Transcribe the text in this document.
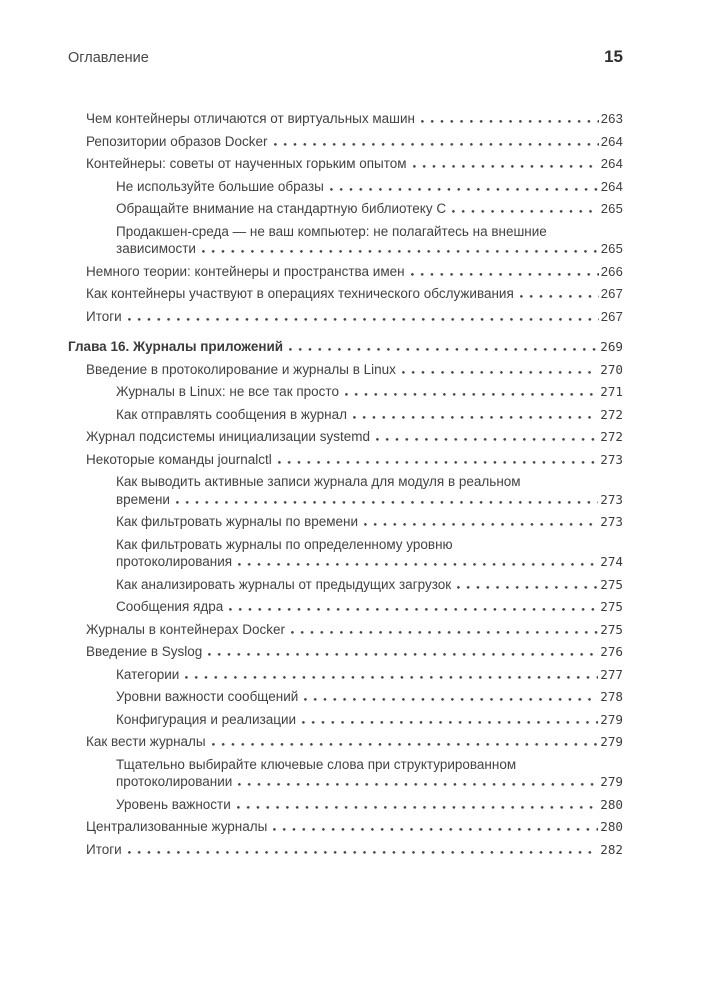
Оглавление	15
Чем контейнеры отличаются от виртуальных машин	263
Репозитории образов Docker	264
Контейнеры: советы от наученных горьким опытом	264
Не используйте большие образы	264
Обращайте внимание на стандартную библиотеку C	265
Продакшен-среда — не ваш компьютер: не полагайтесь на внешние
зависимости	265
Немного теории: контейнеры и пространства имен	266
Как контейнеры участвуют в операциях технического обслуживания	267
Итоги	267
Глава 16. Журналы приложений	269
Введение в протоколирование и журналы в Linux	270
Журналы в Linux: не все так просто	271
Как отправлять сообщения в журнал	272
Журнал подсистемы инициализации systemd	272
Некоторые команды journalctl	273
Как выводить активные записи журнала для модуля в реальном
времени	273
Как фильтровать журналы по времени	273
Как фильтровать журналы по определенному уровню
протоколирования	274
Как анализировать журналы от предыдущих загрузок	275
Сообщения ядра	275
Журналы в контейнерах Docker	275
Введение в Syslog	276
Категории	277
Уровни важности сообщений	278
Конфигурация и реализации	279
Как вести журналы	279
Тщательно выбирайте ключевые слова при структурированном
протоколировании	279
Уровень важности	280
Централизованные журналы	280
Итоги	282
